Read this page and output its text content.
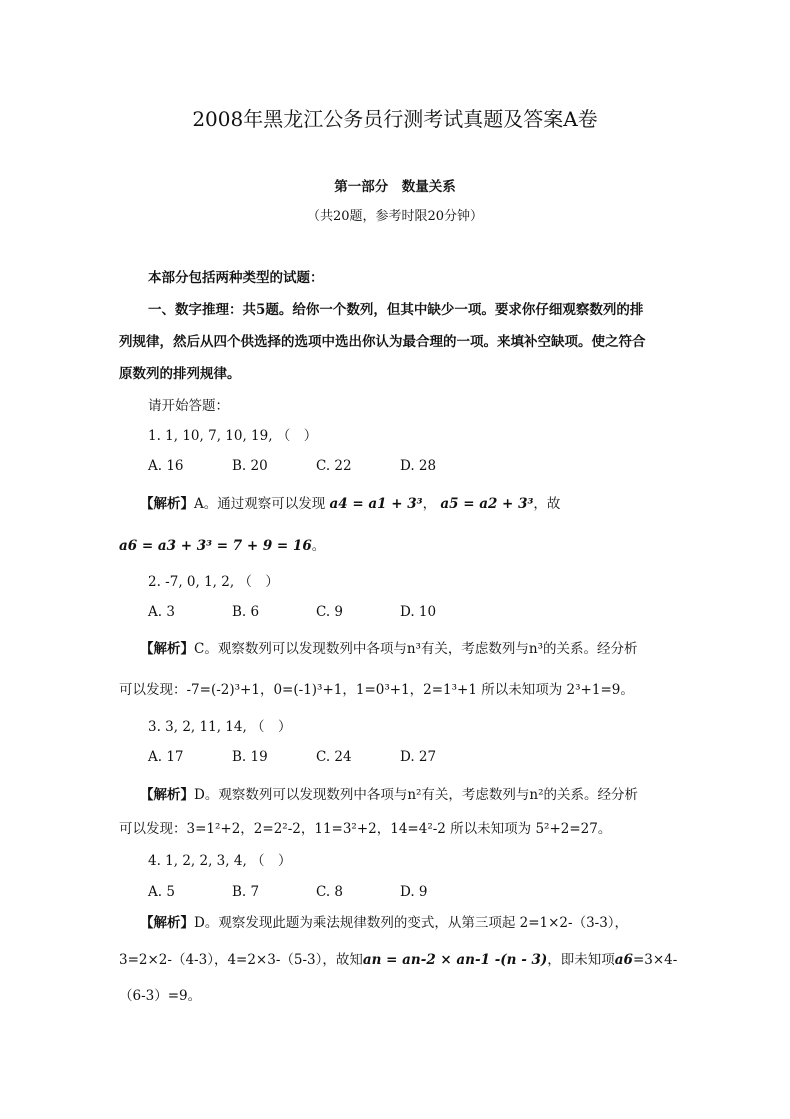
2008年黑龙江公务员行测考试真题及答案A卷
第一部分　数量关系
（共20题，参考时限20分钟）
本部分包括两种类型的试题：
一、数字推理：共5题。给你一个数列，但其中缺少一项。要求你仔细观察数列的排
列规律，然后从四个供选择的选项中选出你认为最合理的一项。来填补空缺项。使之符合
原数列的排列规律。
请开始答题：
1. 1, 10, 7, 10, 19, （　）
A. 16	B. 20	C. 22	D. 28
【解析】A。通过观察可以发现 a4 = a1 + 3³， a5 = a2 + 3³，故
a6 = a3 + 3³ = 7 + 9 = 16。
2. -7, 0, 1, 2, （　）
A. 3	B. 6	C. 9	D. 10
【解析】C。观察数列可以发现数列中各项与n³有关，考虑数列与n³的关系。经分析
可以发现：-7=(-2)³+1，0=(-1)³+1，1=0³+1，2=1³+1 所以未知项为 2³+1=9。
3. 3, 2, 11, 14, （　）
A. 17	B. 19	C. 24	D. 27
【解析】D。观察数列可以发现数列中各项与n²有关，考虑数列与n²的关系。经分析
可以发现：3=1²+2，2=2²-2，11=3²+2，14=4²-2 所以未知项为 5²+2=27。
4. 1, 2, 2, 3, 4, （　）
A. 5	B. 7	C. 8	D. 9
【解析】D。观察发现此题为乘法规律数列的变式，从第三项起 2=1×2-（3-3），
3=2×2-（4-3），4=2×3-（5-3），故知an = an-2 × an-1 -(n - 3)，即未知项a6=3×4-
（6-3）=9。
